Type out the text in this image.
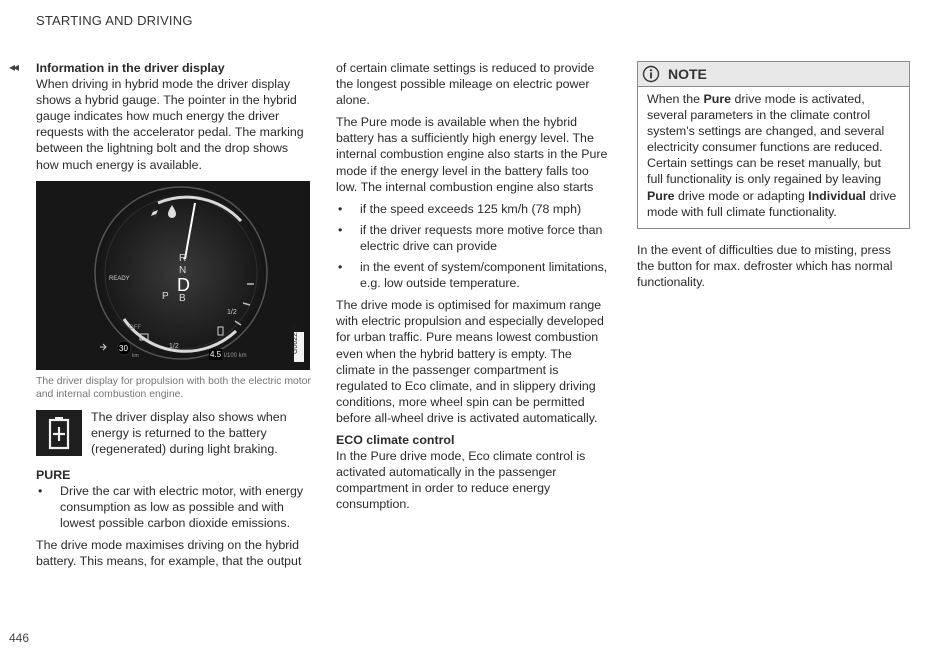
STARTING AND DRIVING
◂◂ Information in the driver display

When driving in hybrid mode the driver display shows a hybrid gauge. The pointer in the hybrid gauge indicates how much energy the driver requests with the accelerator pedal. The marking between the lightning bolt and the drop shows how much energy is available.

R
N
D
B
P
READY
OFF
1/2
1/2
30
km	4.5 l/100 km
G062217
The driver display for propulsion with both the electric motor and internal combustion engine.
The driver display also shows when energy is returned to the battery (regenerated) during light braking.
PURE
• Drive the car with electric motor, with energy consumption as low as possible and with lowest possible carbon dioxide emissions.

The drive mode maximises driving on the hybrid battery. This means, for example, that the output

of certain climate settings is reduced to provide the longest possible mileage on electric power alone.

The Pure mode is available when the hybrid battery has a sufficiently high energy level. The internal combustion engine also starts in the Pure mode if the energy level in the battery falls too low. The internal combustion engine also starts

• if the speed exceeds 125 km/h (78 mph)
• if the driver requests more motive force than electric drive can provide
• in the event of system/component limitations, e.g. low outside temperature.

The drive mode is optimised for maximum range with electric propulsion and especially developed for urban traffic. Pure means lowest combustion even when the hybrid battery is empty. The climate in the passenger compartment is regulated to Eco climate, and in slippery driving conditions, more wheel spin can be permitted before all-wheel drive is activated automatically.

ECO climate control

In the Pure drive mode, Eco climate control is activated automatically in the passenger compartment in order to reduce energy consumption.

NOTE

When the Pure drive mode is activated, several parameters in the climate control system's settings are changed, and several electricity consumer functions are reduced. Certain settings can be reset manually, but full functionality is only regained by leaving Pure drive mode or adapting Individual drive mode with full climate functionality.

In the event of difficulties due to misting, press the button for max. defroster which has normal functionality.

446
